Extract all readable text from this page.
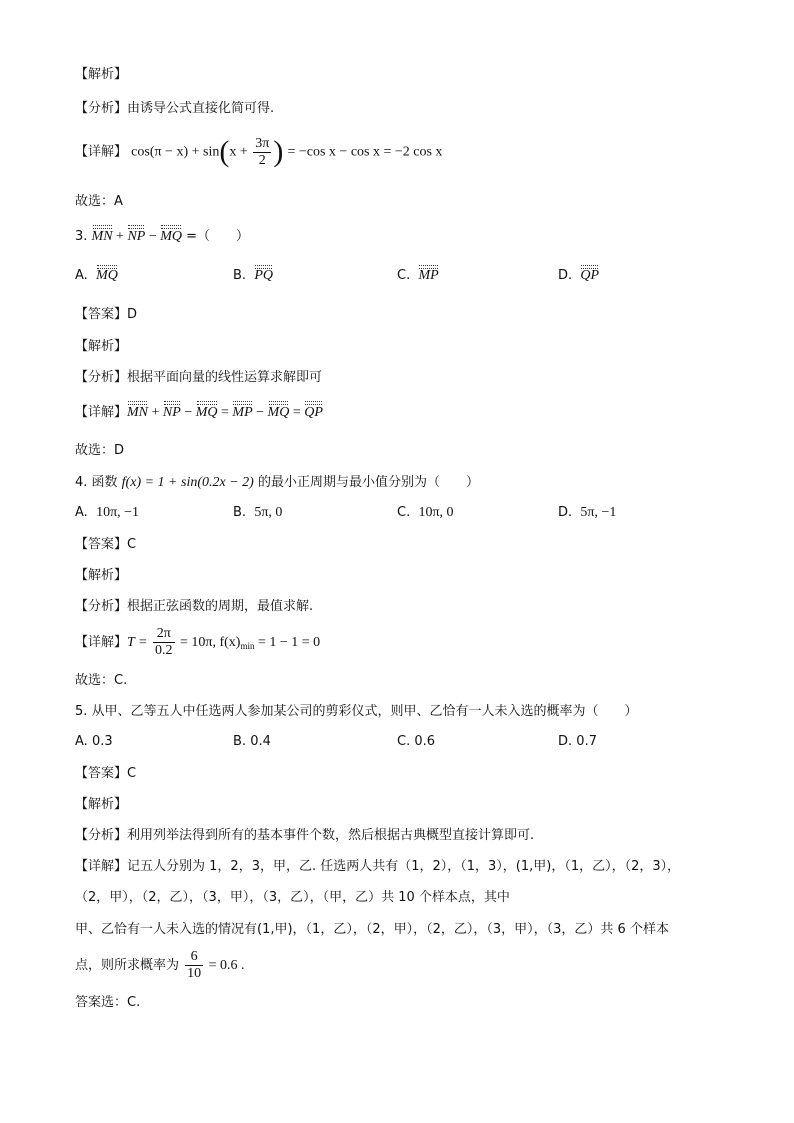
【解析】
【分析】由诱导公式直接化简可得.
【详解】 $\cos(\pi - x) + \sin(x + \frac{3\pi}{2}$ ) = −cos x − cos x = −2 cos x
故选：A
3. MN + NP − MQ =（　　）
A. MQ	B. PQ	C. MP	D. QP
【答案】D
【解析】
【分析】根据平面向量的线性运算求解即可
【详解】MN + NP − MQ = MP − MQ = QP
故选：D
4. 函数 f(x) = 1 + sin(0.2x − 2) 的最小正周期与最小值分别为（　　）
A. 10π, −1	B. 5π, 0	C. 10π, 0	D. 5π, −1
【答案】C
【解析】
【分析】根据正弦函数的周期，最值求解.
【详解】$T = \frac{2\pi}{0.2} = 10\pi$, $f(x)_{min} = 1 - 1 = 0$
故选：C.
5. 从甲、乙等五人中任选两人参加某公司的剪彩仪式，则甲、乙恰有一人未入选的概率为（　　）
A. 0.3	B. 0.4	C. 0.6	D. 0.7
【答案】C
【解析】
【分析】利用列举法得到所有的基本事件个数，然后根据古典概型直接计算即可.
【详解】记五人分别为 1，2，3，甲，乙. 任选两人共有（1，2），（1，3），(1,甲)，（1，乙），（2，3），
（2，甲），（2，乙），（3，甲），（3，乙），（甲，乙）共 10 个样本点，其中
甲、乙恰有一人未入选的情况有(1,甲)，（1，乙），（2，甲），（2，乙），（3，甲），（3，乙）共 6 个样本
点，则所求概率为 $\frac{6}{10} = 0.6$ .
答案选：C.
